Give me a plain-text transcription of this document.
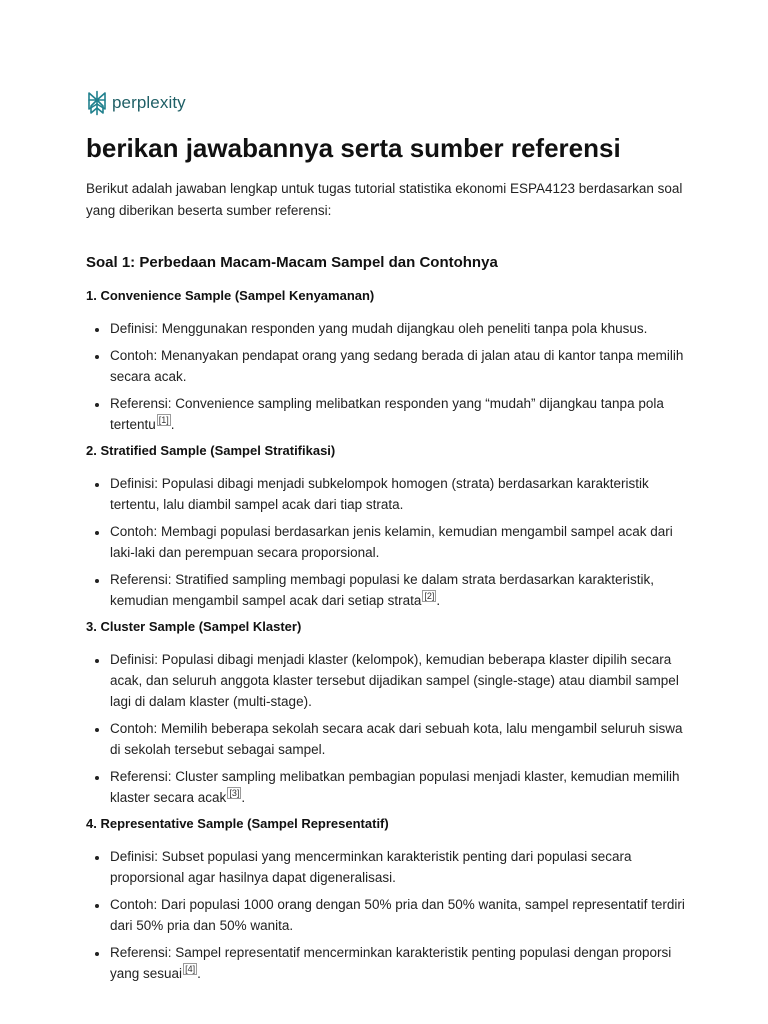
perplexity
berikan jawabannya serta sumber referensi

Berikut adalah jawaban lengkap untuk tugas tutorial statistika ekonomi ESPA4123 berdasarkan soal yang diberikan beserta sumber referensi:

Soal 1: Perbedaan Macam-Macam Sampel dan Contohnya
1. Convenience Sample (Sampel Kenyamanan)
• Definisi: Menggunakan responden yang mudah dijangkau oleh peneliti tanpa pola khusus.
• Contoh: Menanyakan pendapat orang yang sedang berada di jalan atau di kantor tanpa memilih secara acak.
• Referensi: Convenience sampling melibatkan responden yang “mudah” dijangkau tanpa pola tertentu [1] .
2. Stratified Sample (Sampel Stratifikasi)
• Definisi: Populasi dibagi menjadi subkelompok homogen (strata) berdasarkan karakteristik tertentu, lalu diambil sampel acak dari tiap strata.
• Contoh: Membagi populasi berdasarkan jenis kelamin, kemudian mengambil sampel acak dari laki-laki dan perempuan secara proporsional.
• Referensi: Stratified sampling membagi populasi ke dalam strata berdasarkan karakteristik, kemudian mengambil sampel acak dari setiap strata [2] .
3. Cluster Sample (Sampel Klaster)
• Definisi: Populasi dibagi menjadi klaster (kelompok), kemudian beberapa klaster dipilih secara acak, dan seluruh anggota klaster tersebut dijadikan sampel (single-stage) atau diambil sampel lagi di dalam klaster (multi-stage).
• Contoh: Memilih beberapa sekolah secara acak dari sebuah kota, lalu mengambil seluruh siswa di sekolah tersebut sebagai sampel.
• Referensi: Cluster sampling melibatkan pembagian populasi menjadi klaster, kemudian memilih klaster secara acak [3] .
4. Representative Sample (Sampel Representatif)
• Definisi: Subset populasi yang mencerminkan karakteristik penting dari populasi secara proporsional agar hasilnya dapat digeneralisasi.
• Contoh: Dari populasi 1000 orang dengan 50% pria dan 50% wanita, sampel representatif terdiri dari 50% pria dan 50% wanita.
• Referensi: Sampel representatif mencerminkan karakteristik penting populasi dengan proporsi yang sesuai [4] .
